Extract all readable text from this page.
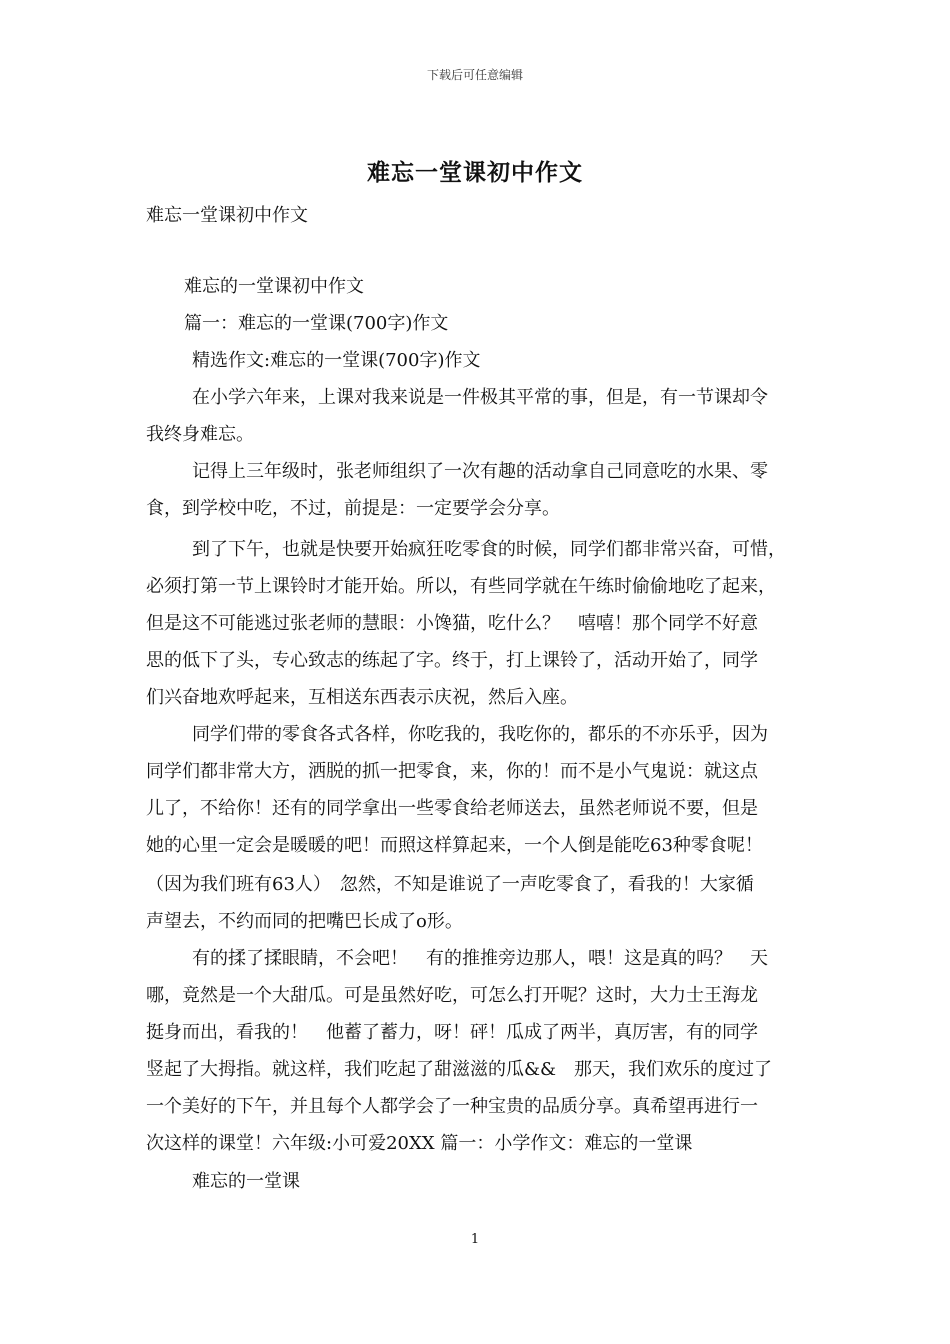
下载后可任意编辑
难忘一堂课初中作文
难忘一堂课初中作文
难忘的一堂课初中作文
篇一：难忘的一堂课(700字)作文
精选作文:难忘的一堂课(700字)作文
在小学六年来，上课对我来说是一件极其平常的事，但是，有一节课却令
我终身难忘。
记得上三年级时，张老师组织了一次有趣的活动拿自己同意吃的水果、零
食，到学校中吃，不过，前提是：一定要学会分享。
到了下午，也就是快要开始疯狂吃零食的时候，同学们都非常兴奋，可惜，
必须打第一节上课铃时才能开始。所以，有些同学就在午练时偷偷地吃了起来，
但是这不可能逃过张老师的慧眼：小馋猫，吃什么？　嘻嘻！那个同学不好意
思的低下了头，专心致志的练起了字。终于，打上课铃了，活动开始了，同学
们兴奋地欢呼起来，互相送东西表示庆祝，然后入座。
同学们带的零食各式各样，你吃我的，我吃你的，都乐的不亦乐乎，因为
同学们都非常大方，洒脱的抓一把零食，来，你的！而不是小气鬼说：就这点
儿了，不给你！还有的同学拿出一些零食给老师送去，虽然老师说不要，但是
她的心里一定会是暖暖的吧！而照这样算起来，一个人倒是能吃63种零食呢！
（因为我们班有63人）　忽然，不知是谁说了一声吃零食了，看我的！大家循
声望去，不约而同的把嘴巴长成了o形。
有的揉了揉眼睛，不会吧！　有的推推旁边那人，喂！这是真的吗？　天
哪，竟然是一个大甜瓜。可是虽然好吃，可怎么打开呢？这时，大力士王海龙
挺身而出，看我的！　他蓄了蓄力，呀！砰！瓜成了两半，真厉害，有的同学
竖起了大拇指。就这样，我们吃起了甜滋滋的瓜&&　那天，我们欢乐的度过了
一个美好的下午，并且每个人都学会了一种宝贵的品质分享。真希望再进行一
次这样的课堂！六年级:小可爱20XX 篇一：小学作文：难忘的一堂课
难忘的一堂课
1
